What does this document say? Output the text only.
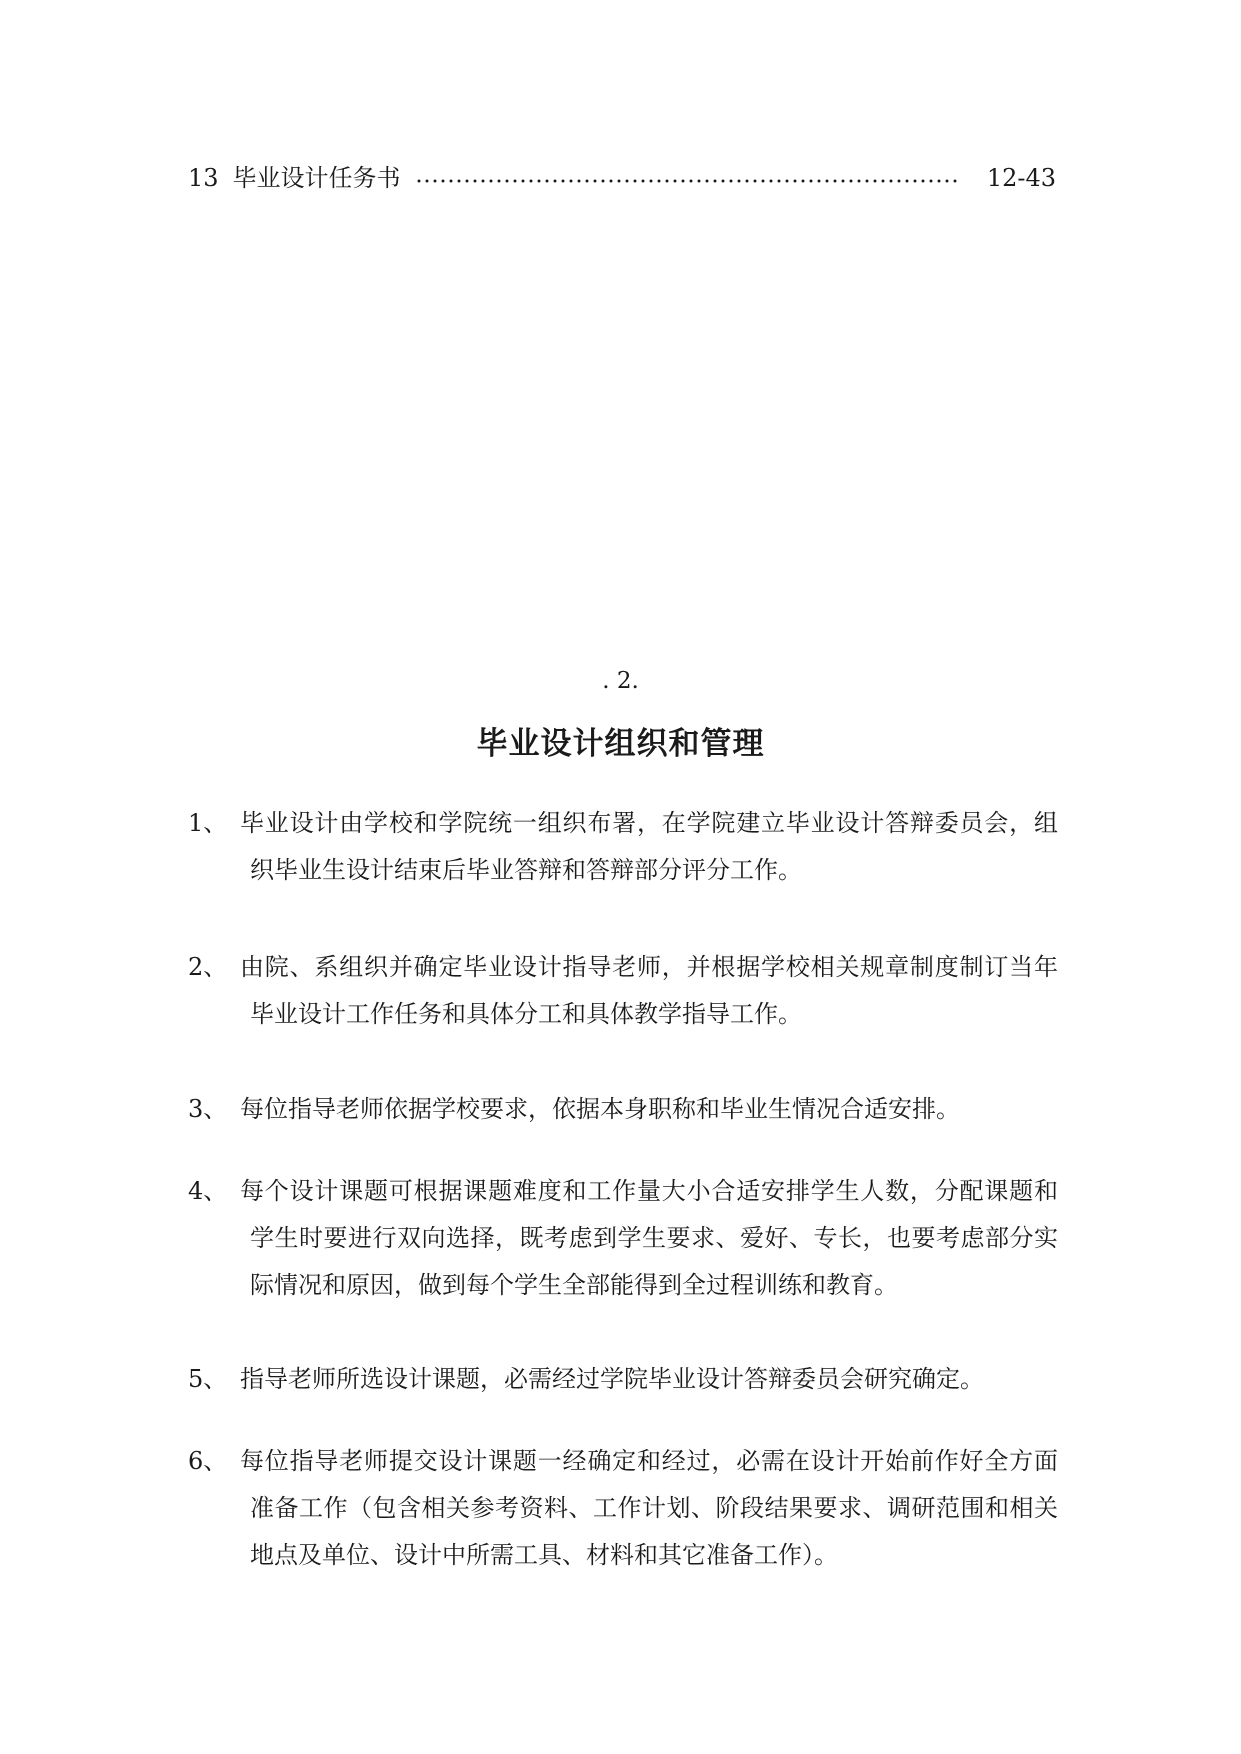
13 毕业设计任务书	12-43
. 2.
毕业设计组织和管理
1、 毕业设计由学校和学院统一组织布署，在学院建立毕业设计答辩委员会，组
织毕业生设计结束后毕业答辩和答辩部分评分工作。
2、 由院、系组织并确定毕业设计指导老师，并根据学校相关规章制度制订当年
毕业设计工作任务和具体分工和具体教学指导工作。
3、 每位指导老师依据学校要求，依据本身职称和毕业生情况合适安排。
4、 每个设计课题可根据课题难度和工作量大小合适安排学生人数，分配课题和
学生时要进行双向选择，既考虑到学生要求、爱好、专长，也要考虑部分实
际情况和原因，做到每个学生全部能得到全过程训练和教育。
5、 指导老师所选设计课题，必需经过学院毕业设计答辩委员会研究确定。
6、 每位指导老师提交设计课题一经确定和经过，必需在设计开始前作好全方面
准备工作（包含相关参考资料、工作计划、阶段结果要求、调研范围和相关
地点及单位、设计中所需工具、材料和其它准备工作）。
